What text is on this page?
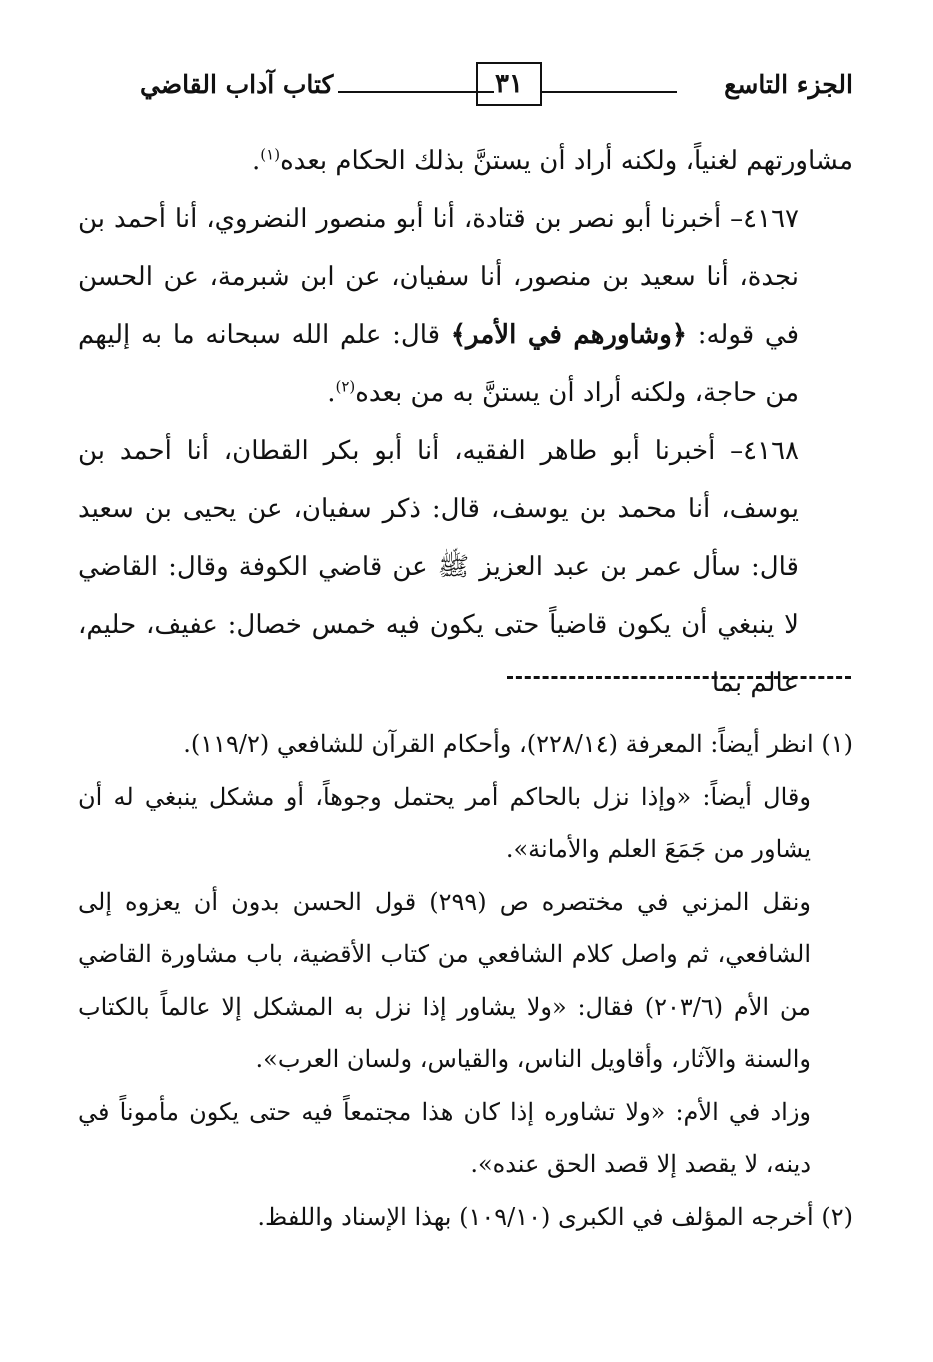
الجزء التاسع
٣١
كتاب آداب القاضي

مشاورتهم لغنياً، ولكنه أراد أن يستنَّ بذلك الحكام بعده$^{(١)}$.

٤١٦٧– أخبرنا أبو نصر بن قتادة، أنا أبو منصور النضروي، أنا أحمد بن نجدة، أنا سعيد بن منصور، أنا سفيان، عن ابن شبرمة، عن الحسن في قوله: ﴿وشاورهم في الأمر﴾ قال: علم الله سبحانه ما به إليهم من حاجة، ولكنه أراد أن يستنَّ به من بعده$^{(٢)}$.

٤١٦٨– أخبرنا أبو طاهر الفقيه، أنا أبو بكر القطان، أنا أحمد بن يوسف، أنا محمد بن يوسف، قال: ذكر سفيان، عن يحيى بن سعيد قال: سأل عمر بن عبد العزيز ﷺ عن قاضي الكوفة وقال: القاضي لا ينبغي أن يكون قاضياً حتى يكون فيه خمس خصال: عفيف، حليم، عالم بما

(١) انظر أيضاً: المعرفة (٢٢٨/١٤)، وأحكام القرآن للشافعي (١١٩/٢).

وقال أيضاً: «وإذا نزل بالحاكم أمر يحتمل وجوهاً، أو مشكل ينبغي له أن يشاور من جَمَعَ العلم والأمانة».

ونقل المزني في مختصره ص (٢٩٩) قول الحسن بدون أن يعزوه إلى الشافعي، ثم واصل كلام الشافعي من كتاب الأقضية، باب مشاورة القاضي من الأم (٢٠٣/٦) فقال: «ولا يشاور إذا نزل به المشكل إلا عالماً بالكتاب والسنة والآثار، وأقاويل الناس، والقياس، ولسان العرب».

وزاد في الأم: «ولا تشاوره إذا كان هذا مجتمعاً فيه حتى يكون مأموناً في دينه، لا يقصد إلا قصد الحق عنده».

(٢) أخرجه المؤلف في الكبرى (١٠٩/١٠) بهذا الإسناد واللفظ.
